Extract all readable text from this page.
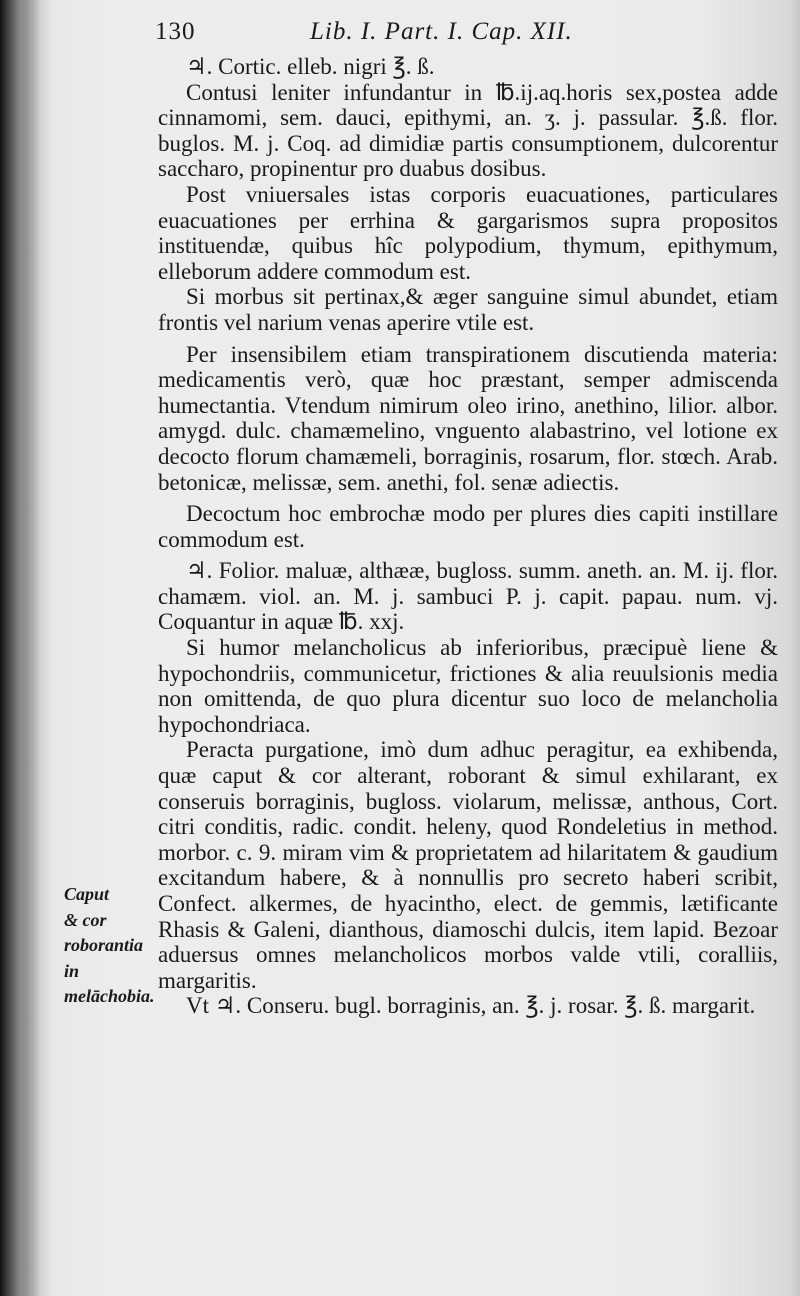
130	Lib. I. Part. I. Cap. XII.
Caput
& cor
roborantia in
melāchobia.

♃. Cortic. elleb. nigri ℥. ß.

Contusi leniter infundantur in ℔.ij.aq.horis sex,postea adde cinnamomi, sem. dauci, epithymi, an. ʒ. j. passular. ℥.ß. flor. buglos. M. j. Coq. ad dimidiæ partis consumptionem, dulcorentur saccharo, propinentur pro duabus dosibus.

Post vniuersales istas corporis euacuationes, particulares euacuationes per errhina & gargarismos supra propositos instituendæ, quibus hîc polypodium, thymum, epithymum, elleborum addere commodum est.

Si morbus sit pertinax,& æger sanguine simul abundet, etiam frontis vel narium venas aperire vtile est.

Per insensibilem etiam transpirationem discutienda materia: medicamentis verò, quæ hoc præstant, semper admiscenda humectantia. Vtendum nimirum oleo irino, anethino, lilior. albor. amygd. dulc. chamæmelino, vnguento alabastrino, vel lotione ex decocto florum chamæmeli, borraginis, rosarum, flor. stœch. Arab. betonicæ, melissæ, sem. anethi, fol. senæ adiectis.

Decoctum hoc embrochæ modo per plures dies capiti instillare commodum est.

♃. Folior. maluæ, althææ, bugloss. summ. aneth. an. M. ij. flor. chamæm. viol. an. M. j. sambuci P. j. capit. papau. num. vj. Coquantur in aquæ ℔. xxj.

Si humor melancholicus ab inferioribus, præcipuè liene & hypochondriis, communicetur, frictiones & alia reuulsionis media non omittenda, de quo plura dicentur suo loco de melancholia hypochondriaca.

Peracta purgatione, imò dum adhuc peragitur, ea exhibenda, quæ caput & cor alterant, roborant & simul exhilarant, ex conseruis borraginis, bugloss. violarum, melissæ, anthous, Cort. citri conditis, radic. condit. heleny, quod Rondeletius in method. morbor. c. 9. miram vim & proprietatem ad hilaritatem & gaudium excitandum habere, & à nonnullis pro secreto haberi scribit, Confect. alkermes, de hyacintho, elect. de gemmis, lætificante Rhasis & Galeni, dianthous, diamoschi dulcis, item lapid. Bezoar aduersus omnes melancholicos morbos valde vtili, coralliis, margaritis.

Vt ♃. Conseru. bugl. borraginis, an. ℥. j. rosar. ℥. ß. margarit.
